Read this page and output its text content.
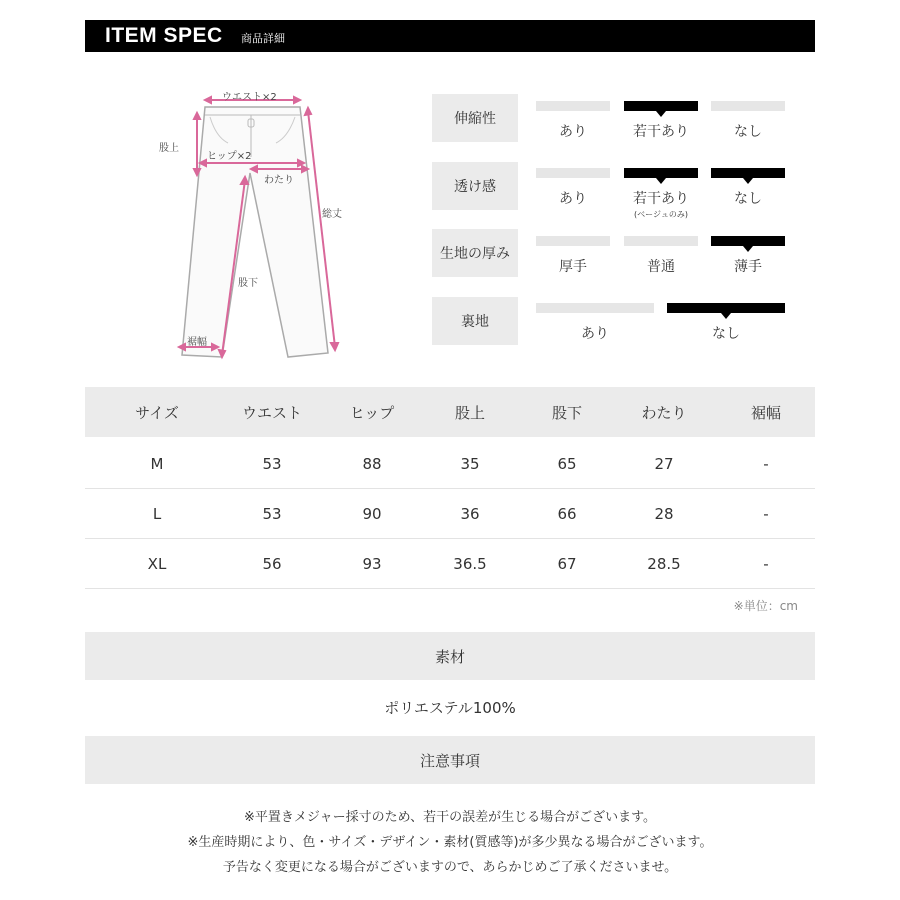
ITEM SPEC 商品詳細
ウエスト×2
股上
ヒップ×2
わたり
総丈
股下
裾幅
伸縮性
あり	若干あり	なし
透け感
あり	若干あり	なし
(ベージュのみ)
生地の厚み
厚手	普通	薄手
裏地
あり	なし
サイズ	ウエスト	ヒップ	股上	股下	わたり	裾幅
M	53	88	35	65	27	-
L	53	90	36	66	28	-
XL	56	93	36.5	67	28.5	-
※単位：cm
素材
ポリエステル100%
注意事項
※平置きメジャー採寸のため、若干の誤差が生じる場合がございます。
※生産時期により、色・サイズ・デザイン・素材(質感等)が多少異なる場合がございます。
予告なく変更になる場合がございますので、あらかじめご了承くださいませ。
